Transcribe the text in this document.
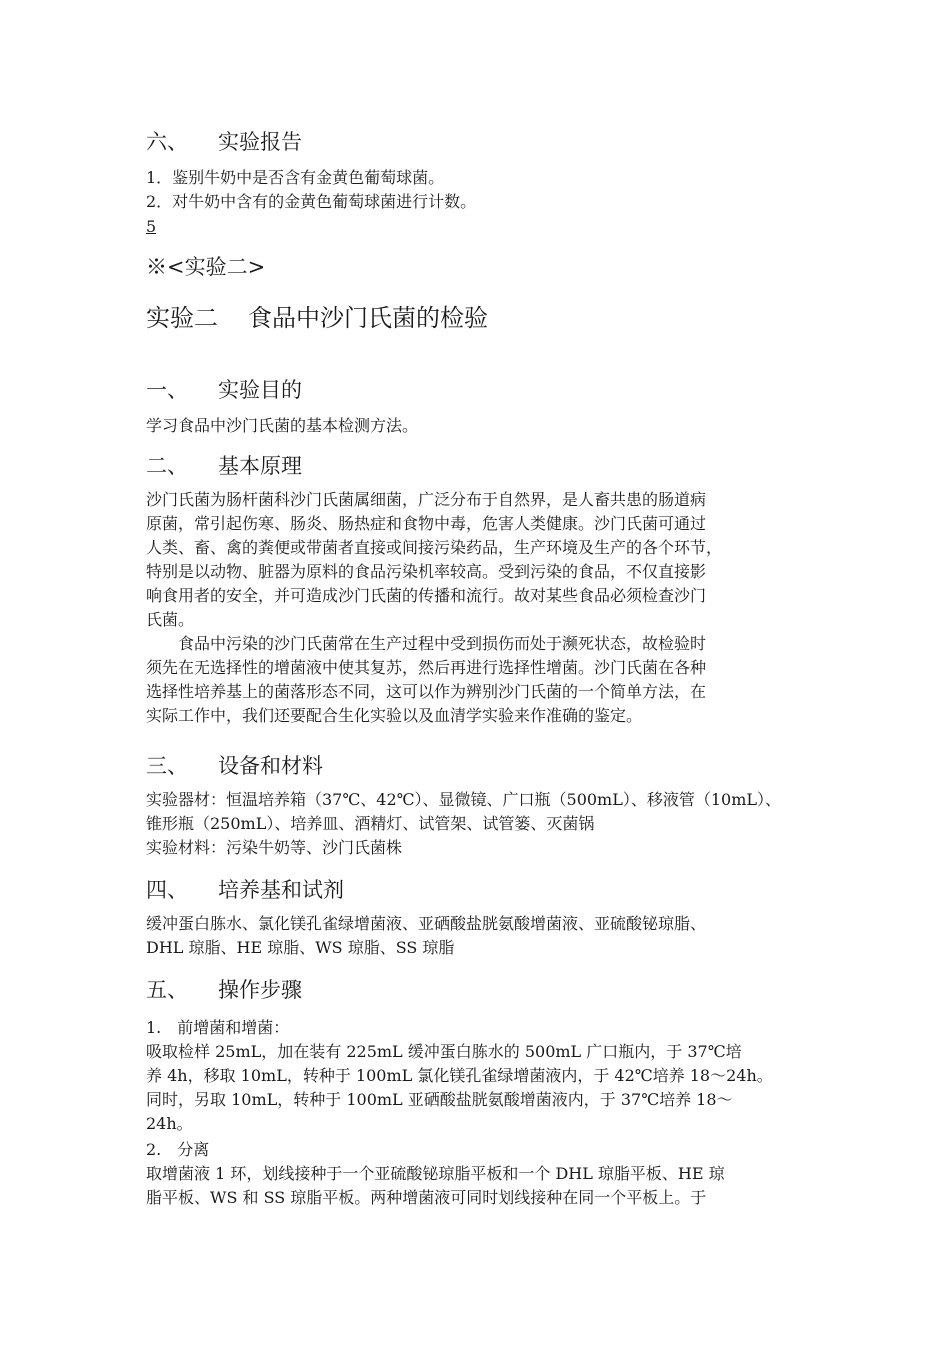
六、 实验报告
1．鉴别牛奶中是否含有金黄色葡萄球菌。
2．对牛奶中含有的金黄色葡萄球菌进行计数。
5
※<实验二>
实验二 食品中沙门氏菌的检验
一、 实验目的
学习食品中沙门氏菌的基本检测方法。
二、 基本原理
沙门氏菌为肠杆菌科沙门氏菌属细菌，广泛分布于自然界，是人畜共患的肠道病
原菌，常引起伤寒、肠炎、肠热症和食物中毒，危害人类健康。沙门氏菌可通过
人类、畜、禽的粪便或带菌者直接或间接污染药品，生产环境及生产的各个环节，
特别是以动物、脏器为原料的食品污染机率较高。受到污染的食品，不仅直接影
响食用者的安全，并可造成沙门氏菌的传播和流行。故对某些食品必须检查沙门
氏菌。
食品中污染的沙门氏菌常在生产过程中受到损伤而处于濒死状态，故检验时
须先在无选择性的增菌液中使其复苏，然后再进行选择性增菌。沙门氏菌在各种
选择性培养基上的菌落形态不同，这可以作为辨别沙门氏菌的一个简单方法，在
实际工作中，我们还要配合生化实验以及血清学实验来作准确的鉴定。
三、 设备和材料
实验器材：恒温培养箱（37℃、42℃）、显微镜、广口瓶（500mL）、移液管（10mL）、
锥形瓶（250mL）、培养皿、酒精灯、试管架、试管篓、灭菌锅
实验材料：污染牛奶等、沙门氏菌株
四、 培养基和试剂
缓冲蛋白胨水、氯化镁孔雀绿增菌液、亚硒酸盐胱氨酸增菌液、亚硫酸铋琼脂、
DHL 琼脂、HE 琼脂、WS 琼脂、SS 琼脂
五、 操作步骤
1.　前增菌和增菌：
吸取检样 25mL，加在装有 225mL 缓冲蛋白胨水的 500mL 广口瓶内，于 37℃培
养 4h，移取 10mL，转种于 100mL 氯化镁孔雀绿增菌液内，于 42℃培养 18～24h。
同时，另取 10mL，转种于 100mL 亚硒酸盐胱氨酸增菌液内，于 37℃培养 18～
24h。
2.　分离
取增菌液 1 环，划线接种于一个亚硫酸铋琼脂平板和一个 DHL 琼脂平板、HE 琼
脂平板、WS 和 SS 琼脂平板。两种增菌液可同时划线接种在同一个平板上。于
